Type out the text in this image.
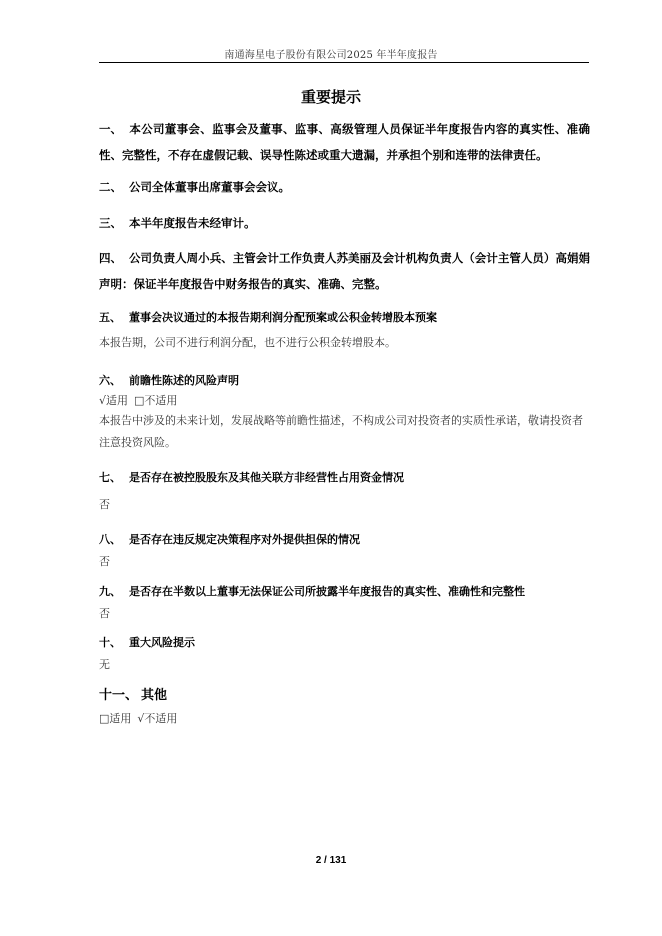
南通海星电子股份有限公司2025 年半年度报告
重要提示
一、 本公司董事会、监事会及董事、监事、高级管理人员保证半年度报告内容的真实性、准确性、完整性，不存在虚假记载、误导性陈述或重大遗漏，并承担个别和连带的法律责任。
二、 公司全体董事出席董事会会议。
三、 本半年度报告未经审计。
四、 公司负责人周小兵、主管会计工作负责人苏美丽及会计机构负责人（会计主管人员）高娟娟声明：保证半年度报告中财务报告的真实、准确、完整。
五、 董事会决议通过的本报告期利润分配预案或公积金转增股本预案
本报告期，公司不进行利润分配，也不进行公积金转增股本。
六、 前瞻性陈述的风险声明
√适用 □不适用
本报告中涉及的未来计划，发展战略等前瞻性描述，不构成公司对投资者的实质性承诺，敬请投资者注意投资风险。
七、 是否存在被控股股东及其他关联方非经营性占用资金情况
否
八、 是否存在违反规定决策程序对外提供担保的情况
否
九、 是否存在半数以上董事无法保证公司所披露半年度报告的真实性、准确性和完整性
否
十、 重大风险提示
无
十一、 其他
□适用 √不适用
2 / 131
